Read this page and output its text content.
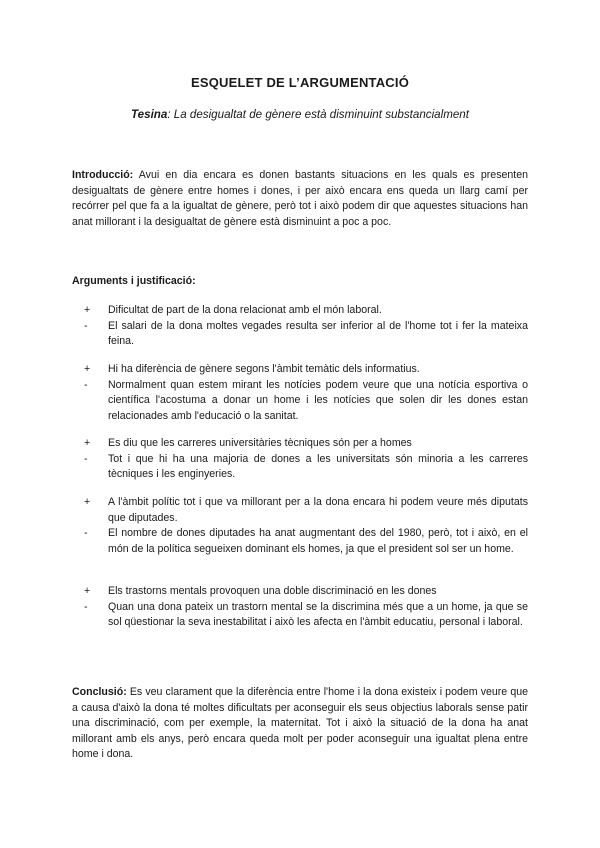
ESQUELET DE L’ARGUMENTACIÓ
Tesina: La desigualtat de gènere està disminuint substancialment
Introducció: Avui en dia encara es donen bastants situacions en les quals es presenten desigualtats de gènere entre homes i dones, i per això encara ens queda un llarg camí per recórrer pel que fa a la igualtat de gènere, però tot i això podem dir que aquestes situacions han anat millorant i la desigualtat de gènere està disminuint a poc a poc.
Arguments i justificació:
+	Dificultat de part de la dona relacionat amb el món laboral.
-	El salari de la dona moltes vegades resulta ser inferior al de l'home tot i fer la mateixa feina.
+	Hi ha diferència de gènere segons l'àmbit temàtic dels informatius.
-	Normalment quan estem mirant les notícies podem veure que una notícia esportiva o científica l'acostuma a donar un home i les notícies que solen dir les dones estan relacionades amb l'educació o la sanitat.
+	Es diu que les carreres universitàries tècniques són per a homes
-	Tot i que hi ha una majoria de dones a les universitats són minoria a les carreres tècniques i les enginyeries.
+	A l'àmbit polític tot i que va millorant per a la dona encara hi podem veure més diputats que diputades.
-	El nombre de dones diputades ha anat augmentant des del 1980, però, tot i això, en el món de la política segueixen dominant els homes, ja que el president sol ser un home.
+	Els trastorns mentals provoquen una doble discriminació en les dones
-	Quan una dona pateix un trastorn mental se la discrimina més que a un home, ja que se sol qüestionar la seva inestabilitat i això les afecta en l'àmbit educatiu, personal i laboral.
Conclusió: Es veu clarament que la diferència entre l'home i la dona existeix i podem veure que a causa d'això la dona té moltes dificultats per aconseguir els seus objectius laborals sense patir una discriminació, com per exemple, la maternitat. Tot i això la situació de la dona ha anat millorant amb els anys, però encara queda molt per poder aconseguir una igualtat plena entre home i dona.
